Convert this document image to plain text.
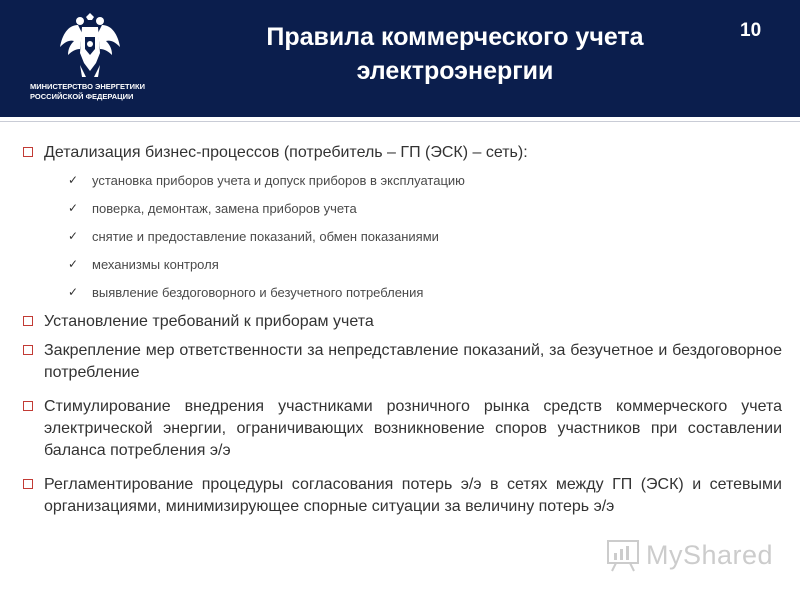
МИНИСТЕРСТВО ЭНЕРГЕТИКИ
РОССИЙСКОЙ ФЕДЕРАЦИИ
Правила коммерческого учета
электроэнергии
10
Детализация бизнес-процессов (потребитель – ГП (ЭСК) – сеть):
✓ установка приборов учета и допуск приборов в эксплуатацию
✓ поверка, демонтаж, замена приборов учета
✓ снятие и предоставление показаний, обмен показаниями
✓ механизмы контроля
✓ выявление бездоговорного и безучетного потребления
Установление требований к приборам учета
Закрепление мер ответственности за непредставление показаний, за безучетное и бездоговорное потребление
Стимулирование внедрения участниками розничного рынка средств коммерческого учета электрической энергии, ограничивающих возникновение споров участников при составлении баланса потребления э/э
Регламентирование процедуры согласования потерь э/э в сетях между ГП (ЭСК) и сетевыми организациями, минимизирующее спорные ситуации за величину потерь э/э
MyShared
